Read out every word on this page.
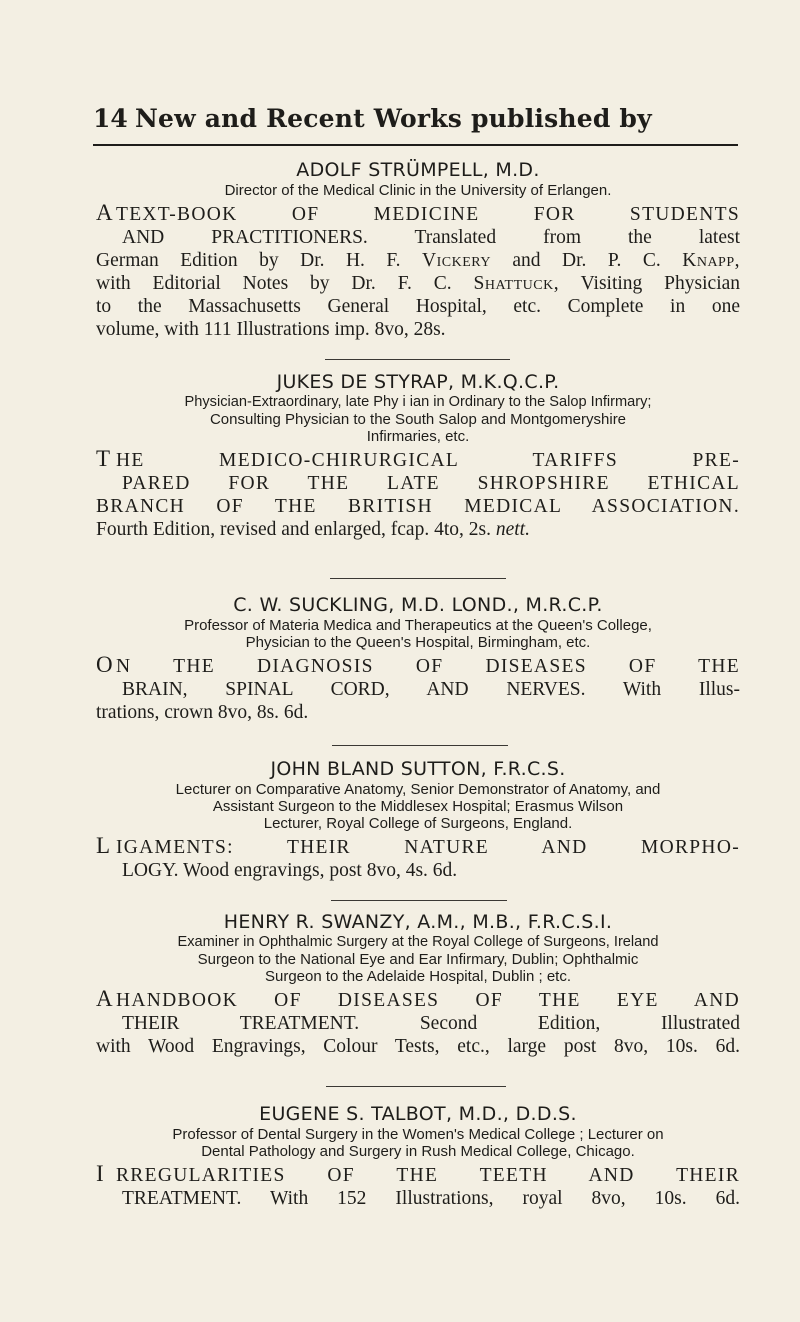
14 New and Recent Works published by
ADOLF STRÜMPELL, M.D.
Director of the Medical Clinic in the University of Erlangen.
A TEXT-BOOK OF MEDICINE FOR STUDENTS
AND PRACTITIONERS. Translated from the latest
German Edition by Dr. H. F. Vickery and Dr. P. C. Knapp,
with Editorial Notes by Dr. F. C. Shattuck, Visiting Physician
to the Massachusetts General Hospital, etc. Complete in one
volume, with 111 Illustrations imp. 8vo, 28s.
JUKES DE STYRAP, M.K.Q.C.P.
Physician-Extraordinary, late Phy i ian in Ordinary to the Salop Infirmary;
Consulting Physician to the South Salop and Montgomeryshire
Infirmaries, etc.
T HE MEDICO-CHIRURGICAL TARIFFS PRE-
PARED FOR THE LATE SHROPSHIRE ETHICAL
BRANCH OF THE BRITISH MEDICAL ASSOCIATION.
Fourth Edition, revised and enlarged, fcap. 4to, 2s. nett.
C. W. SUCKLING, M.D. LOND., M.R.C.P.
Professor of Materia Medica and Therapeutics at the Queen's College,
Physician to the Queen's Hospital, Birmingham, etc.
O N THE DIAGNOSIS OF DISEASES OF THE
BRAIN, SPINAL CORD, AND NERVES. With Illus-
trations, crown 8vo, 8s. 6d.
JOHN BLAND SUTTON, F.R.C.S.
Lecturer on Comparative Anatomy, Senior Demonstrator of Anatomy, and
Assistant Surgeon to the Middlesex Hospital; Erasmus Wilson
Lecturer, Royal College of Surgeons, England.
L IGAMENTS: THEIR NATURE AND MORPHO-
LOGY. Wood engravings, post 8vo, 4s. 6d.
HENRY R. SWANZY, A.M., M.B., F.R.C.S.I.
Examiner in Ophthalmic Surgery at the Royal College of Surgeons, Ireland
Surgeon to the National Eye and Ear Infirmary, Dublin; Ophthalmic
Surgeon to the Adelaide Hospital, Dublin ; etc.
A HANDBOOK OF DISEASES OF THE EYE AND
THEIR TREATMENT. Second Edition, Illustrated
with Wood Engravings, Colour Tests, etc., large post 8vo, 10s. 6d.
EUGENE S. TALBOT, M.D., D.D.S.
Professor of Dental Surgery in the Women's Medical College ; Lecturer on
Dental Pathology and Surgery in Rush Medical College, Chicago.
I RREGULARITIES OF THE TEETH AND THEIR
TREATMENT. With 152 Illustrations, royal 8vo, 10s. 6d.
